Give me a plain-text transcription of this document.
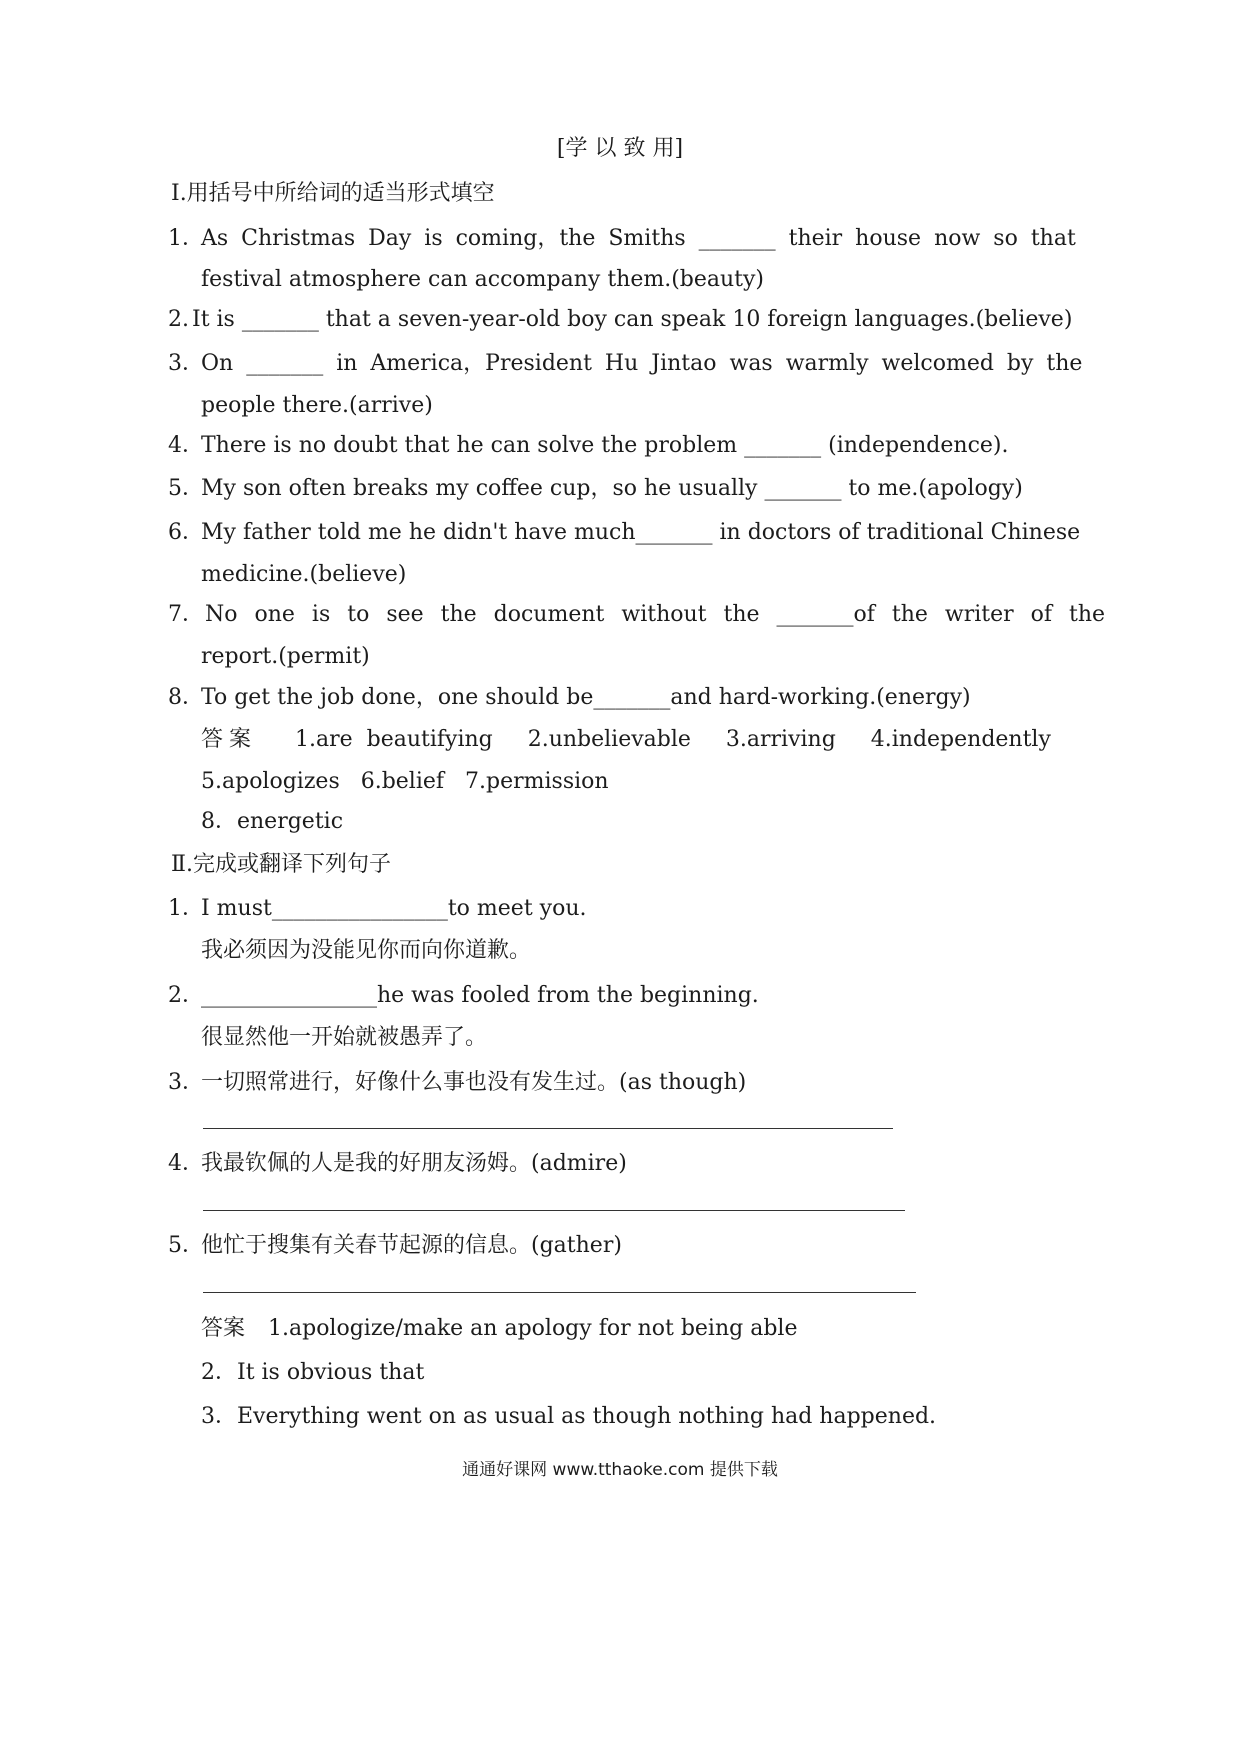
[学 以 致 用]
Ⅰ.用括号中所给词的适当形式填空
1．
As Christmas Day is coming，the Smiths _______ their house now so that
festival atmosphere can accompany them.(beauty)
2. It is _______ that a seven-year-old boy can speak 10 foreign languages.(believe)
3．
On _______ in America，President Hu Jintao was warmly welcomed by the
people there.(arrive)
4．
There is no doubt that he can solve the problem _______ (independence).
5．
My son often breaks my coffee cup，so he usually _______ to me.(apology)
6．
My father told me he didn't have much_______ in doctors of traditional Chinese
medicine.(believe)
7． No one is to see the document without the _______of the writer of the
report.(permit)
8．
To get the job done，one should be_______and hard-working.(energy)
答案 1.are  beautifying     2.unbelievable     3.arriving     4.independently
5.apologizes   6.belief   7.permission
8．energetic
Ⅱ.完成或翻译下列句子
1．
I must________________to meet you.
我必须因为没能见你而向你道歉。
2．
________________he was fooled from the beginning.
很显然他一开始就被愚弄了。
3．
一切照常进行，好像什么事也没有发生过。(as though)
4．
我最钦佩的人是我的好朋友汤姆。(admire)
5．
他忙于搜集有关春节起源的信息。(gather)
答案 1.apologize/make an apology for not being able
2．It is obvious that
3．Everything went on as usual as though nothing had happened.
通通好课网 www.tthaoke.com 提供下载
